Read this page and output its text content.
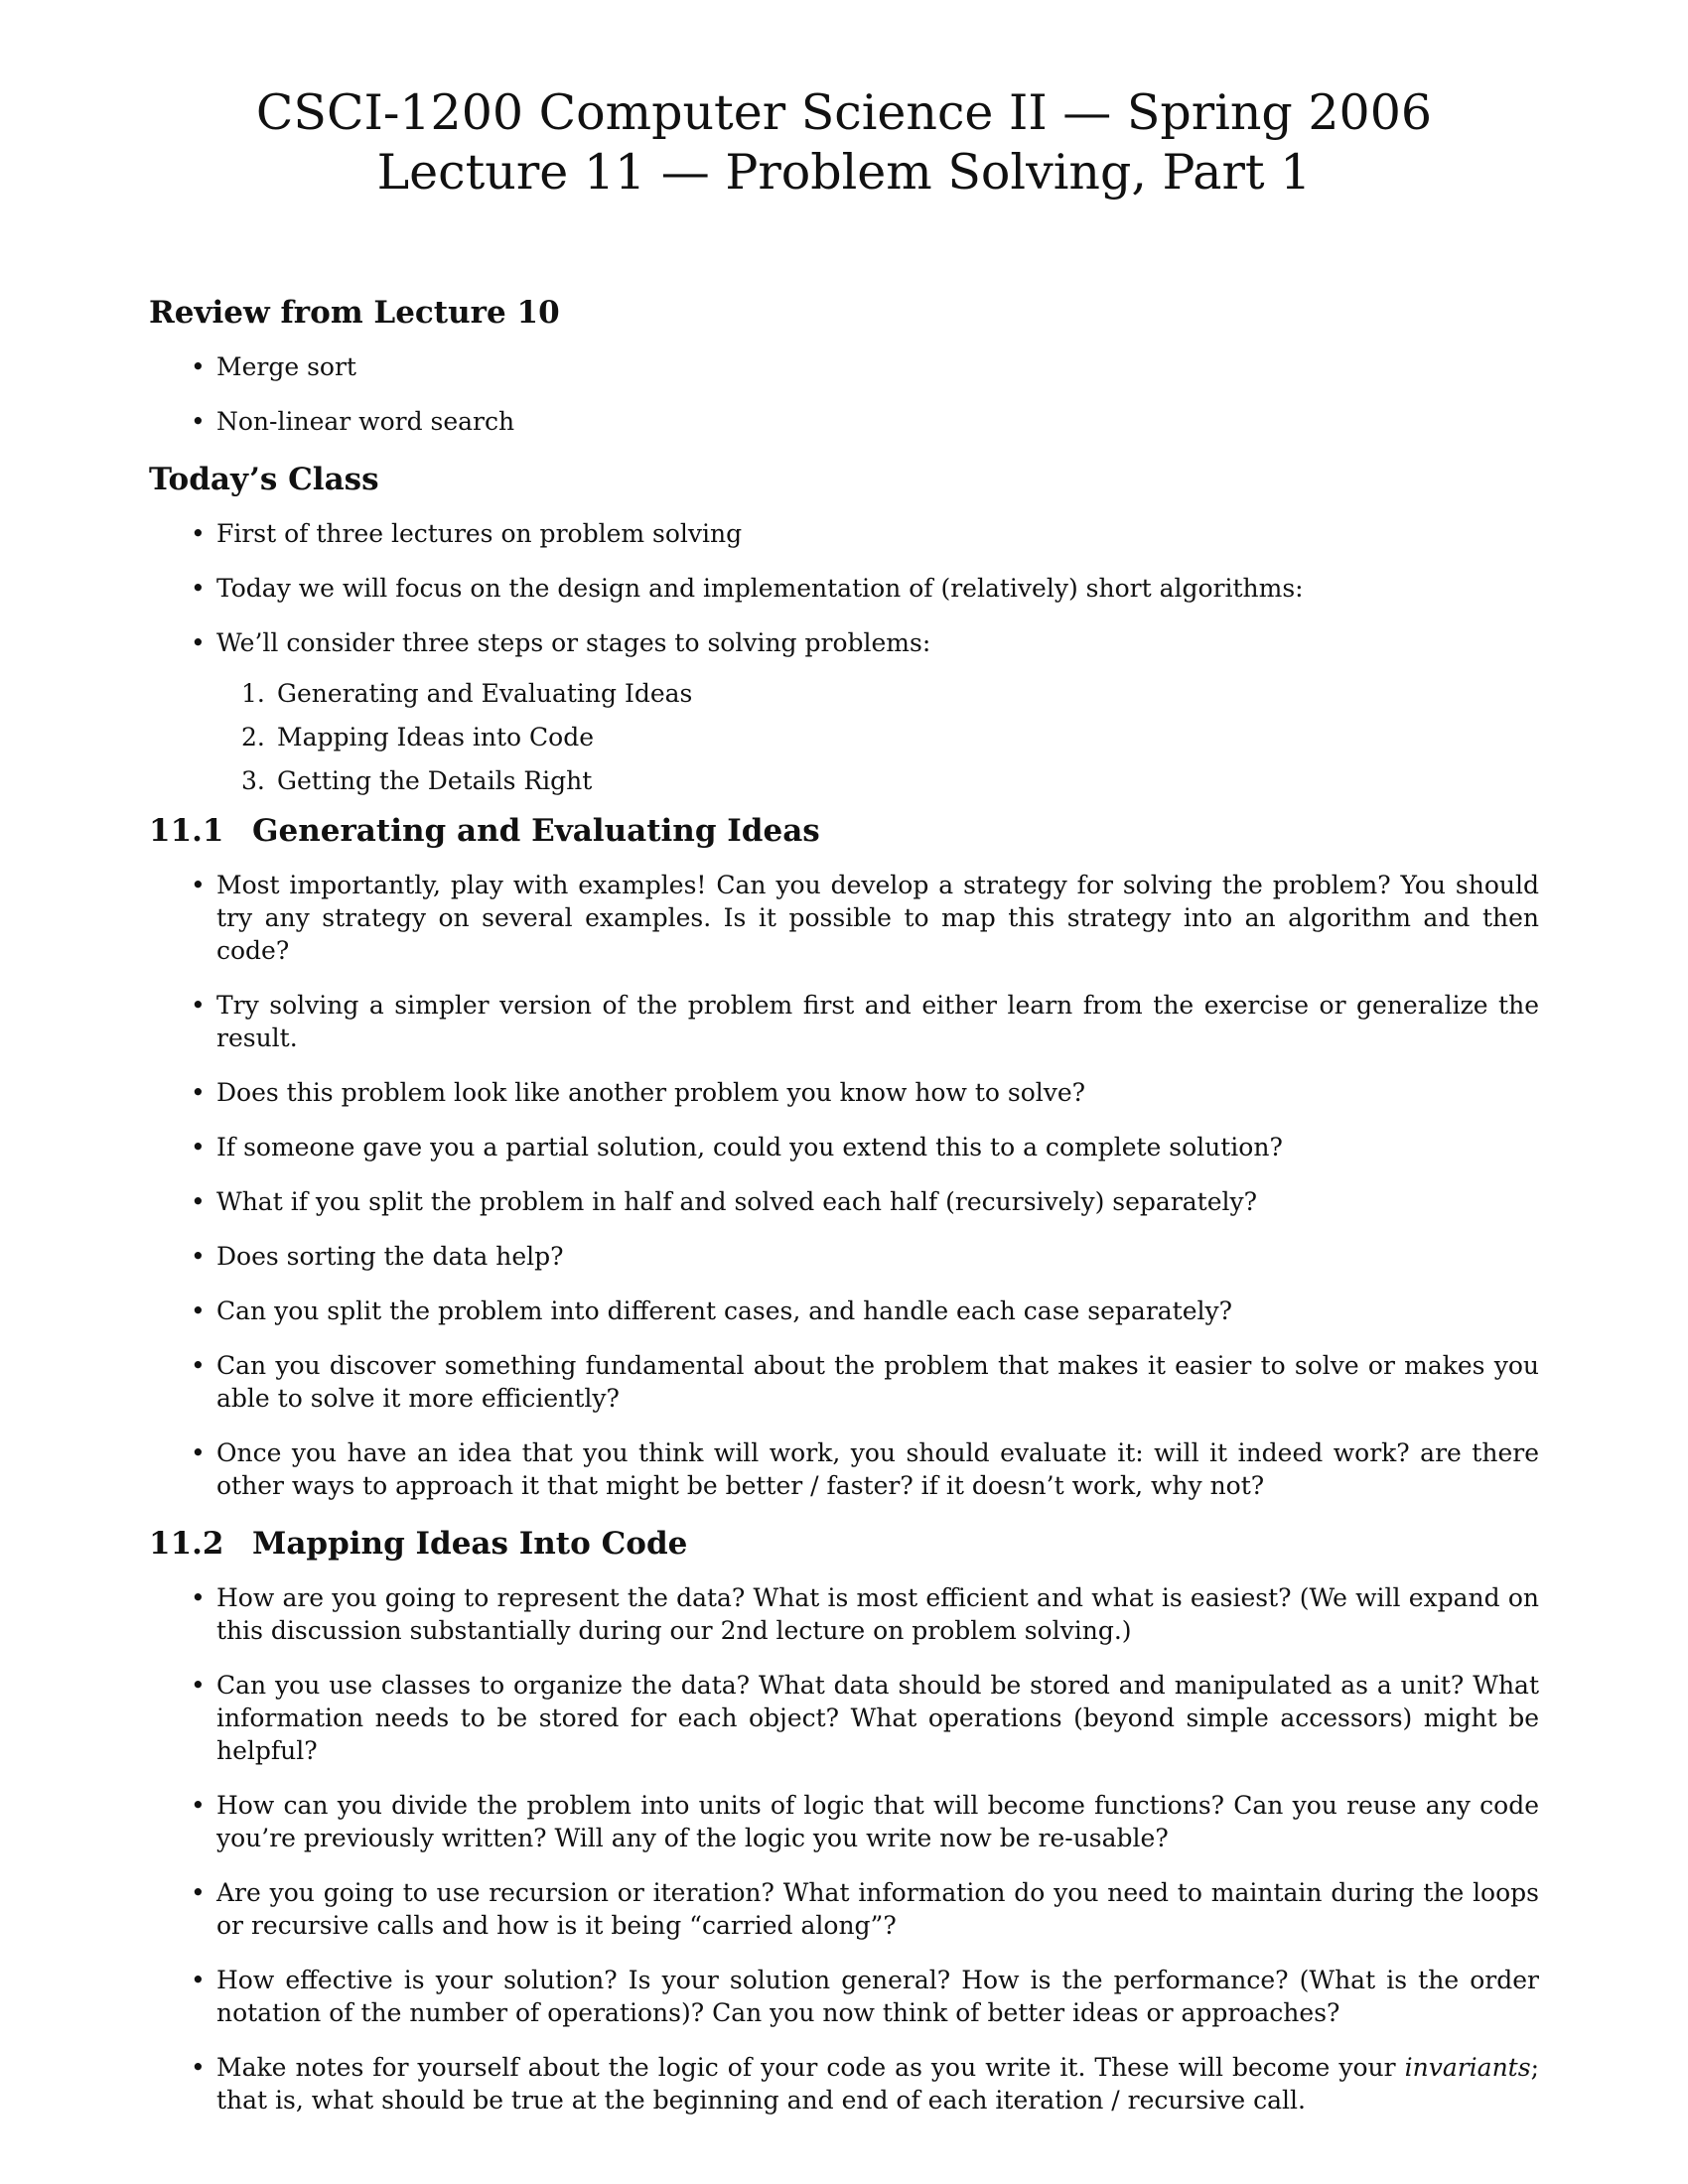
CSCI-1200 Computer Science II — Spring 2006

Lecture 11 — Problem Solving, Part 1

Review from Lecture 10
• Merge sort
• Non-linear word search
Today’s Class
• First of three lectures on problem solving
• Today we will focus on the design and implementation of (relatively) short algorithms:
• We’ll consider three steps or stages to solving problems:
1. Generating and Evaluating Ideas
2. Mapping Ideas into Code
3. Getting the Details Right
11.1 Generating and Evaluating Ideas
• Most importantly, play with examples! Can you develop a strategy for solving the problem? You should try any strategy on several examples. Is it possible to map this strategy into an algorithm and then code?
• Try solving a simpler version of the problem first and either learn from the exercise or generalize the result.
• Does this problem look like another problem you know how to solve?
• If someone gave you a partial solution, could you extend this to a complete solution?
• What if you split the problem in half and solved each half (recursively) separately?
• Does sorting the data help?
• Can you split the problem into different cases, and handle each case separately?
• Can you discover something fundamental about the problem that makes it easier to solve or makes you able to solve it more efficiently?
• Once you have an idea that you think will work, you should evaluate it: will it indeed work? are there other ways to approach it that might be better / faster? if it doesn’t work, why not?
11.2 Mapping Ideas Into Code
• How are you going to represent the data? What is most efficient and what is easiest? (We will expand on this discussion substantially during our 2nd lecture on problem solving.)
• Can you use classes to organize the data? What data should be stored and manipulated as a unit? What information needs to be stored for each object? What operations (beyond simple accessors) might be helpful?
• How can you divide the problem into units of logic that will become functions? Can you reuse any code you’re previously written? Will any of the logic you write now be re-usable?
• Are you going to use recursion or iteration? What information do you need to maintain during the loops or recursive calls and how is it being “carried along”?
• How effective is your solution? Is your solution general? How is the performance? (What is the order notation of the number of operations)? Can you now think of better ideas or approaches?
• Make notes for yourself about the logic of your code as you write it. These will become your invariants; that is, what should be true at the beginning and end of each iteration / recursive call.
